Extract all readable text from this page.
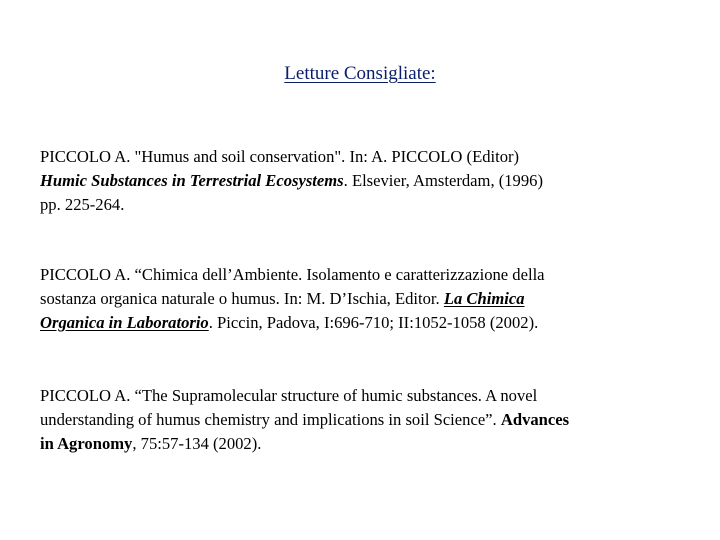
Letture Consigliate:

PICCOLO A. "Humus and soil conservation". In: A. PICCOLO (Editor)
Humic Substances in Terrestrial Ecosystems. Elsevier, Amsterdam, (1996)
pp. 225-264.

PICCOLO A. “Chimica dell’Ambiente. Isolamento e caratterizzazione della
sostanza organica naturale o humus. In: M. D’Ischia, Editor. La Chimica
Organica in Laboratorio. Piccin, Padova, I:696-710; II:1052-1058 (2002).

PICCOLO A. “The Supramolecular structure of humic substances. A novel
understanding of humus chemistry and implications in soil Science”. Advances
in Agronomy, 75:57-134 (2002).
